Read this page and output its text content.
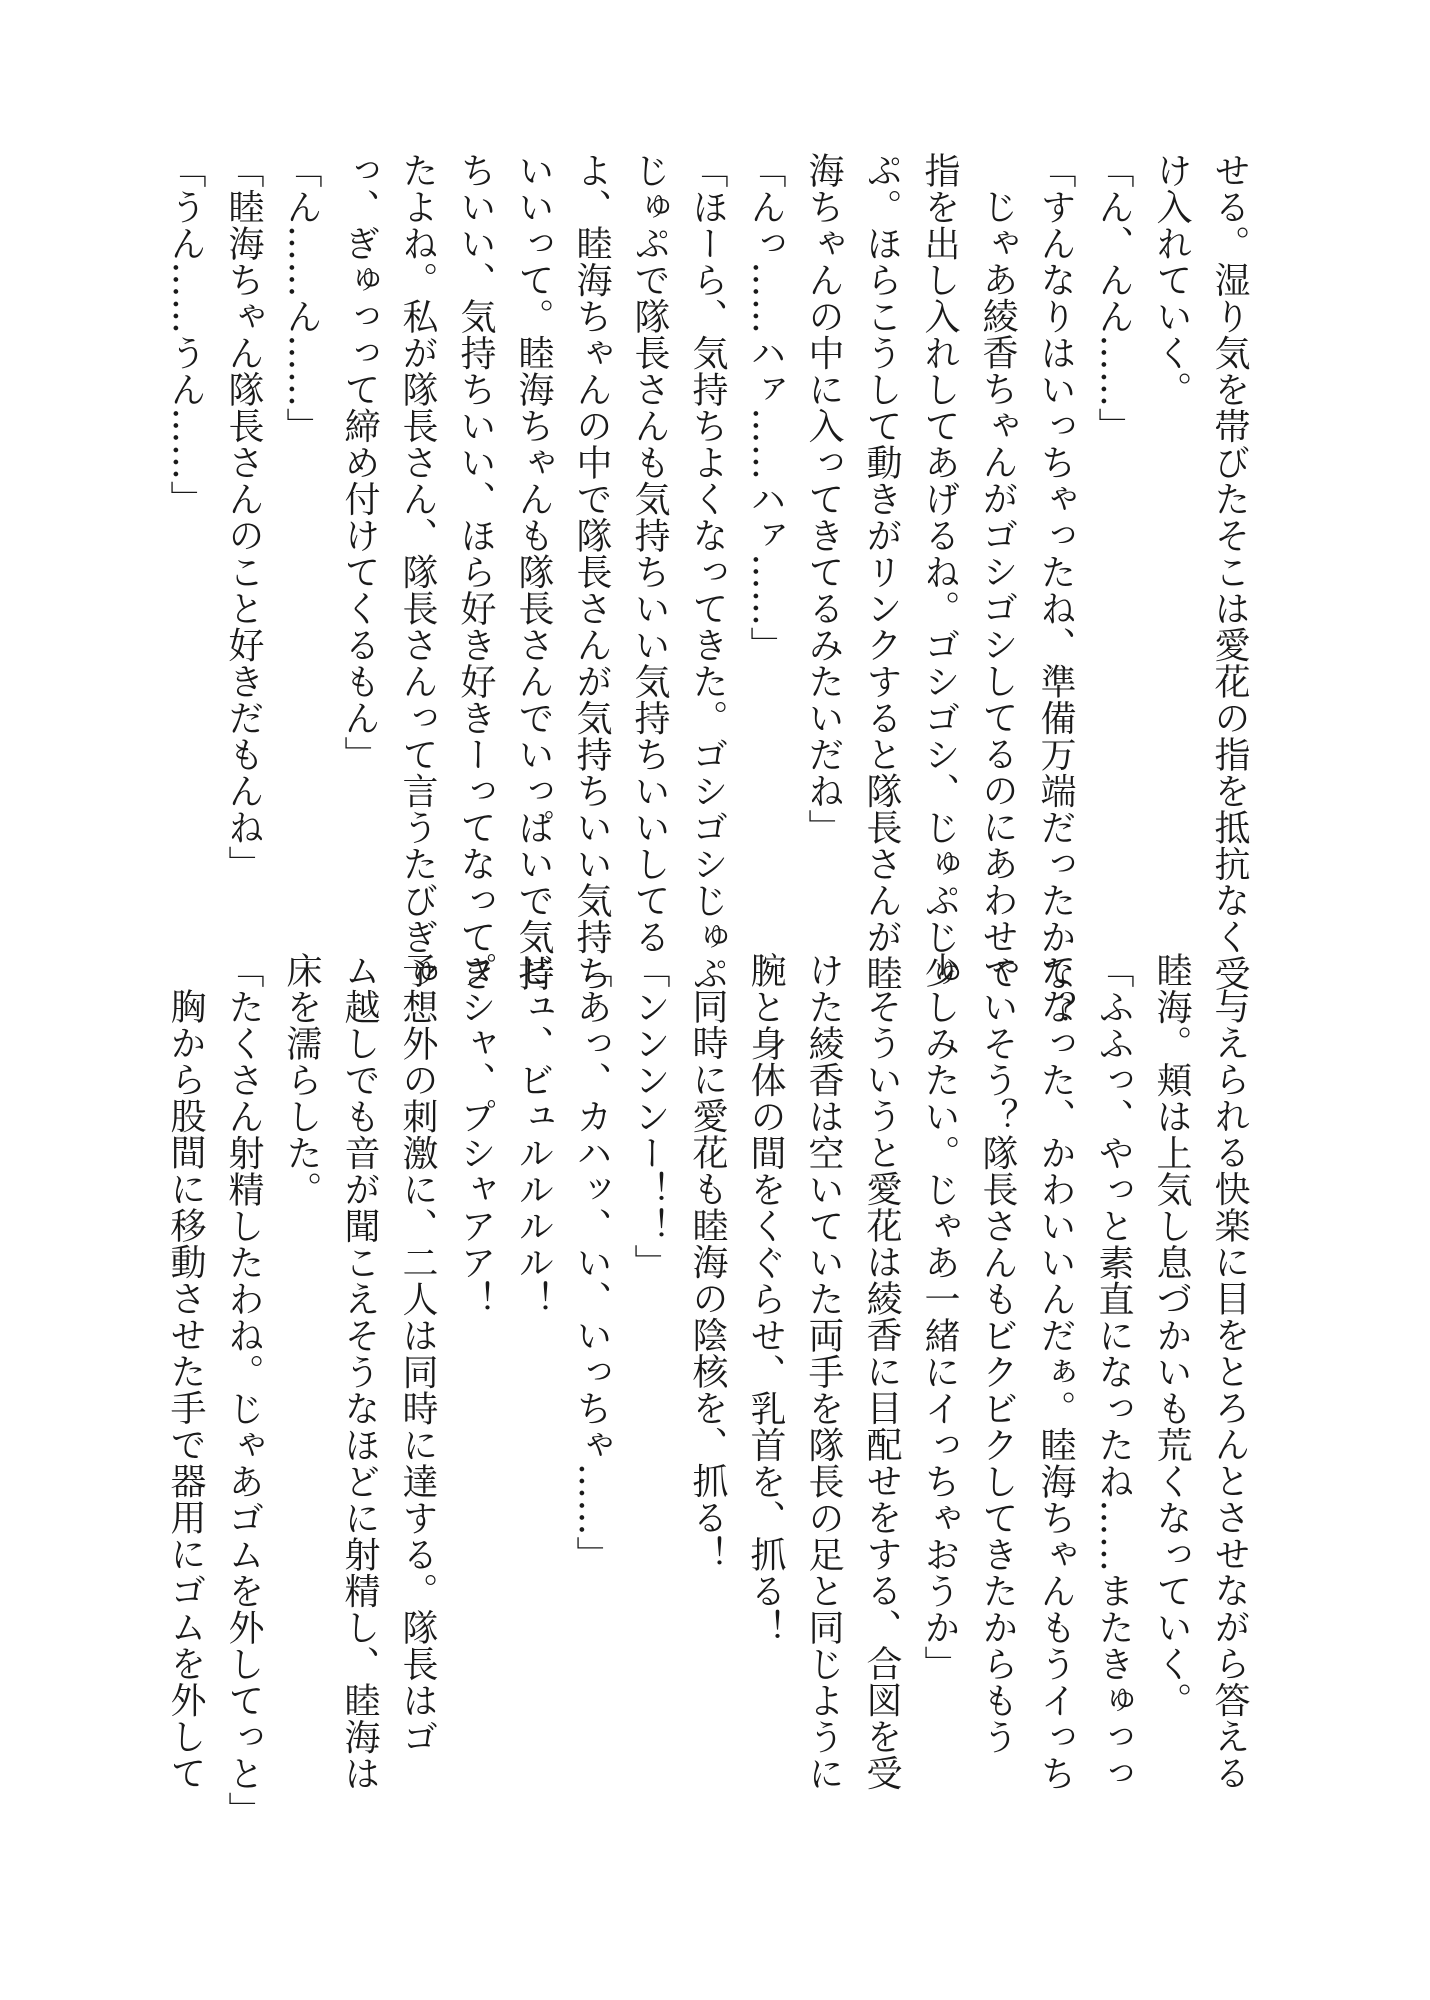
せる。湿り気を帯びたそこは愛花の指を抵抗なく受
け入れていく。
「ん、んん……」
「すんなりはいっちゃったね、準備万端だったかな？
じゃあ綾香ちゃんがゴシゴシしてるのにあわせて
指を出し入れしてあげるね。ゴシゴシ、じゅぷじゅ
ぷ。ほらこうして動きがリンクすると隊長さんが睦
海ちゃんの中に入ってきてるみたいだね」
「んっ……ハァ……ハァ……」
「ほーら、気持ちよくなってきた。ゴシゴシじゅぷ
じゅぷで隊長さんも気持ちいい気持ちいいしてる
よ、睦海ちゃんの中で隊長さんが気持ちいい気持ち
いいって。睦海ちゃんも隊長さんでいっぱいで気持
ちいい、気持ちいい、ほら好き好きーってなってき
たよね。私が隊長さん、隊長さんって言うたびぎゅ
っ、ぎゅっって締め付けてくるもん」
「ん……ん……」
「睦海ちゃん隊長さんのこと好きだもんね」
「うん……うん……」
与えられる快楽に目をとろんとさせながら答える
睦海。頬は上気し息づかいも荒くなっていく。
「ふふっ、やっと素直になったね……またきゅっっ
てなった、かわいいんだぁ。睦海ちゃんもうイっち
ゃいそう？隊長さんもビクビクしてきたからもう
少しみたい。じゃあ一緒にイっちゃおうか」
そういうと愛花は綾香に目配せをする、合図を受
けた綾香は空いていた両手を隊長の足と同じように
腕と身体の間をくぐらせ、乳首を、抓る！
同時に愛花も睦海の陰核を、抓る！
「ンンンンー！！」
「あっ、カハッ、い、いっちゃ……」
ビュ、ビュルルルル！
プシャ、プシャアア！
予想外の刺激に、二人は同時に達する。隊長はゴ
ム越しでも音が聞こえそうなほどに射精し、睦海は
床を濡らした。
「たくさん射精したわね。じゃあゴムを外してっと」
胸から股間に移動させた手で器用にゴムを外して
